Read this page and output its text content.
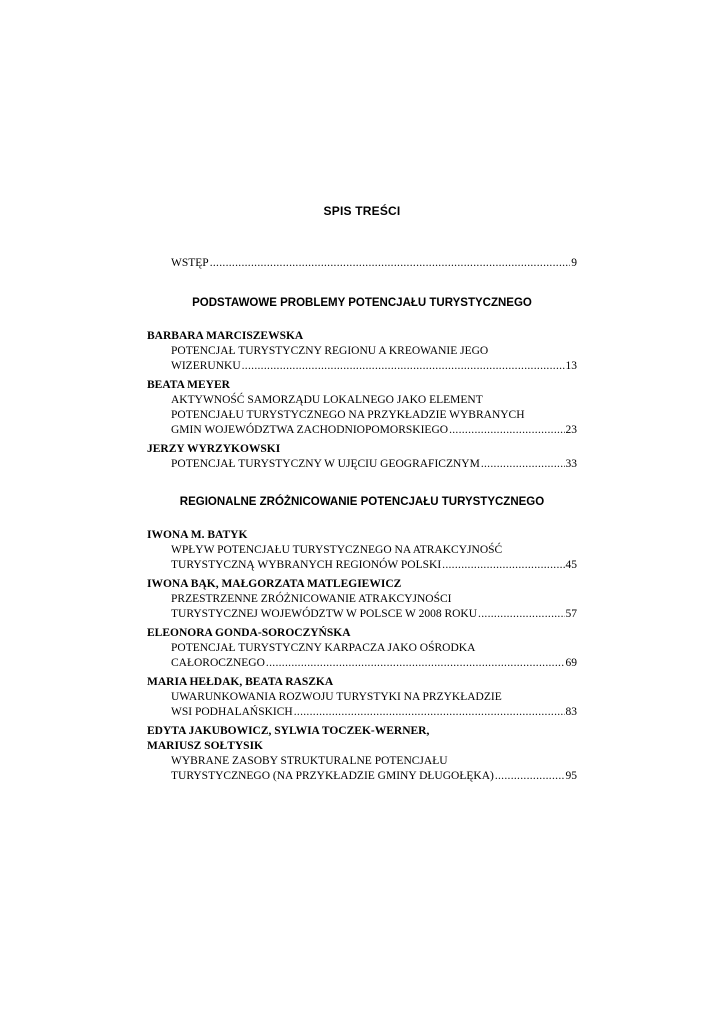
SPIS TREŚCI
WSTĘP .....	9
PODSTAWOWE PROBLEMY POTENCJAŁU TURYSTYCZNEGO
BARBARA MARCISZEWSKA
POTENCJAŁ TURYSTYCZNY REGIONU A KREOWANIE JEGO
WIZERUNKU .....	13
BEATA MEYER
AKTYWNOŚĆ SAMORZĄDU LOKALNEGO JAKO ELEMENT
POTENCJAŁU TURYSTYCZNEGO NA PRZYKŁADZIE WYBRANYCH
GMIN WOJEWÓDZTWA ZACHODNIOPOMORSKIEGO .....	23
JERZY WYRZYKOWSKI
POTENCJAŁ TURYSTYCZNY W UJĘCIU GEOGRAFICZNYM .....	33
REGIONALNE ZRÓŻNICOWANIE POTENCJAŁU TURYSTYCZNEGO
IWONA M. BATYK
WPŁYW POTENCJAŁU TURYSTYCZNEGO NA ATRAKCYJNOŚĆ
TURYSTYCZNĄ WYBRANYCH REGIONÓW POLSKI .....	45
IWONA BĄK, MAŁGORZATA MATLEGIEWICZ
PRZESTRZENNE ZRÓŻNICOWANIE ATRAKCYJNOŚCI
TURYSTYCZNEJ WOJEWÓDZTW W POLSCE W 2008 ROKU .....	57
ELEONORA GONDA-SOROCZYŃSKA
POTENCJAŁ TURYSTYCZNY KARPACZA JAKO OŚRODKA
CAŁOROCZNEGO .....	69
MARIA HEŁDAK, BEATA RASZKA
UWARUNKOWANIA ROZWOJU TURYSTYKI NA PRZYKŁADZIE
WSI PODHALAŃSKICH .....	83
EDYTA JAKUBOWICZ, SYLWIA TOCZEK-WERNER,
MARIUSZ SOŁTYSIK
WYBRANE ZASOBY STRUKTURALNE POTENCJAŁU
TURYSTYCZNEGO (NA PRZYKŁADZIE GMINY DŁUGOŁĘKA) .....	95
